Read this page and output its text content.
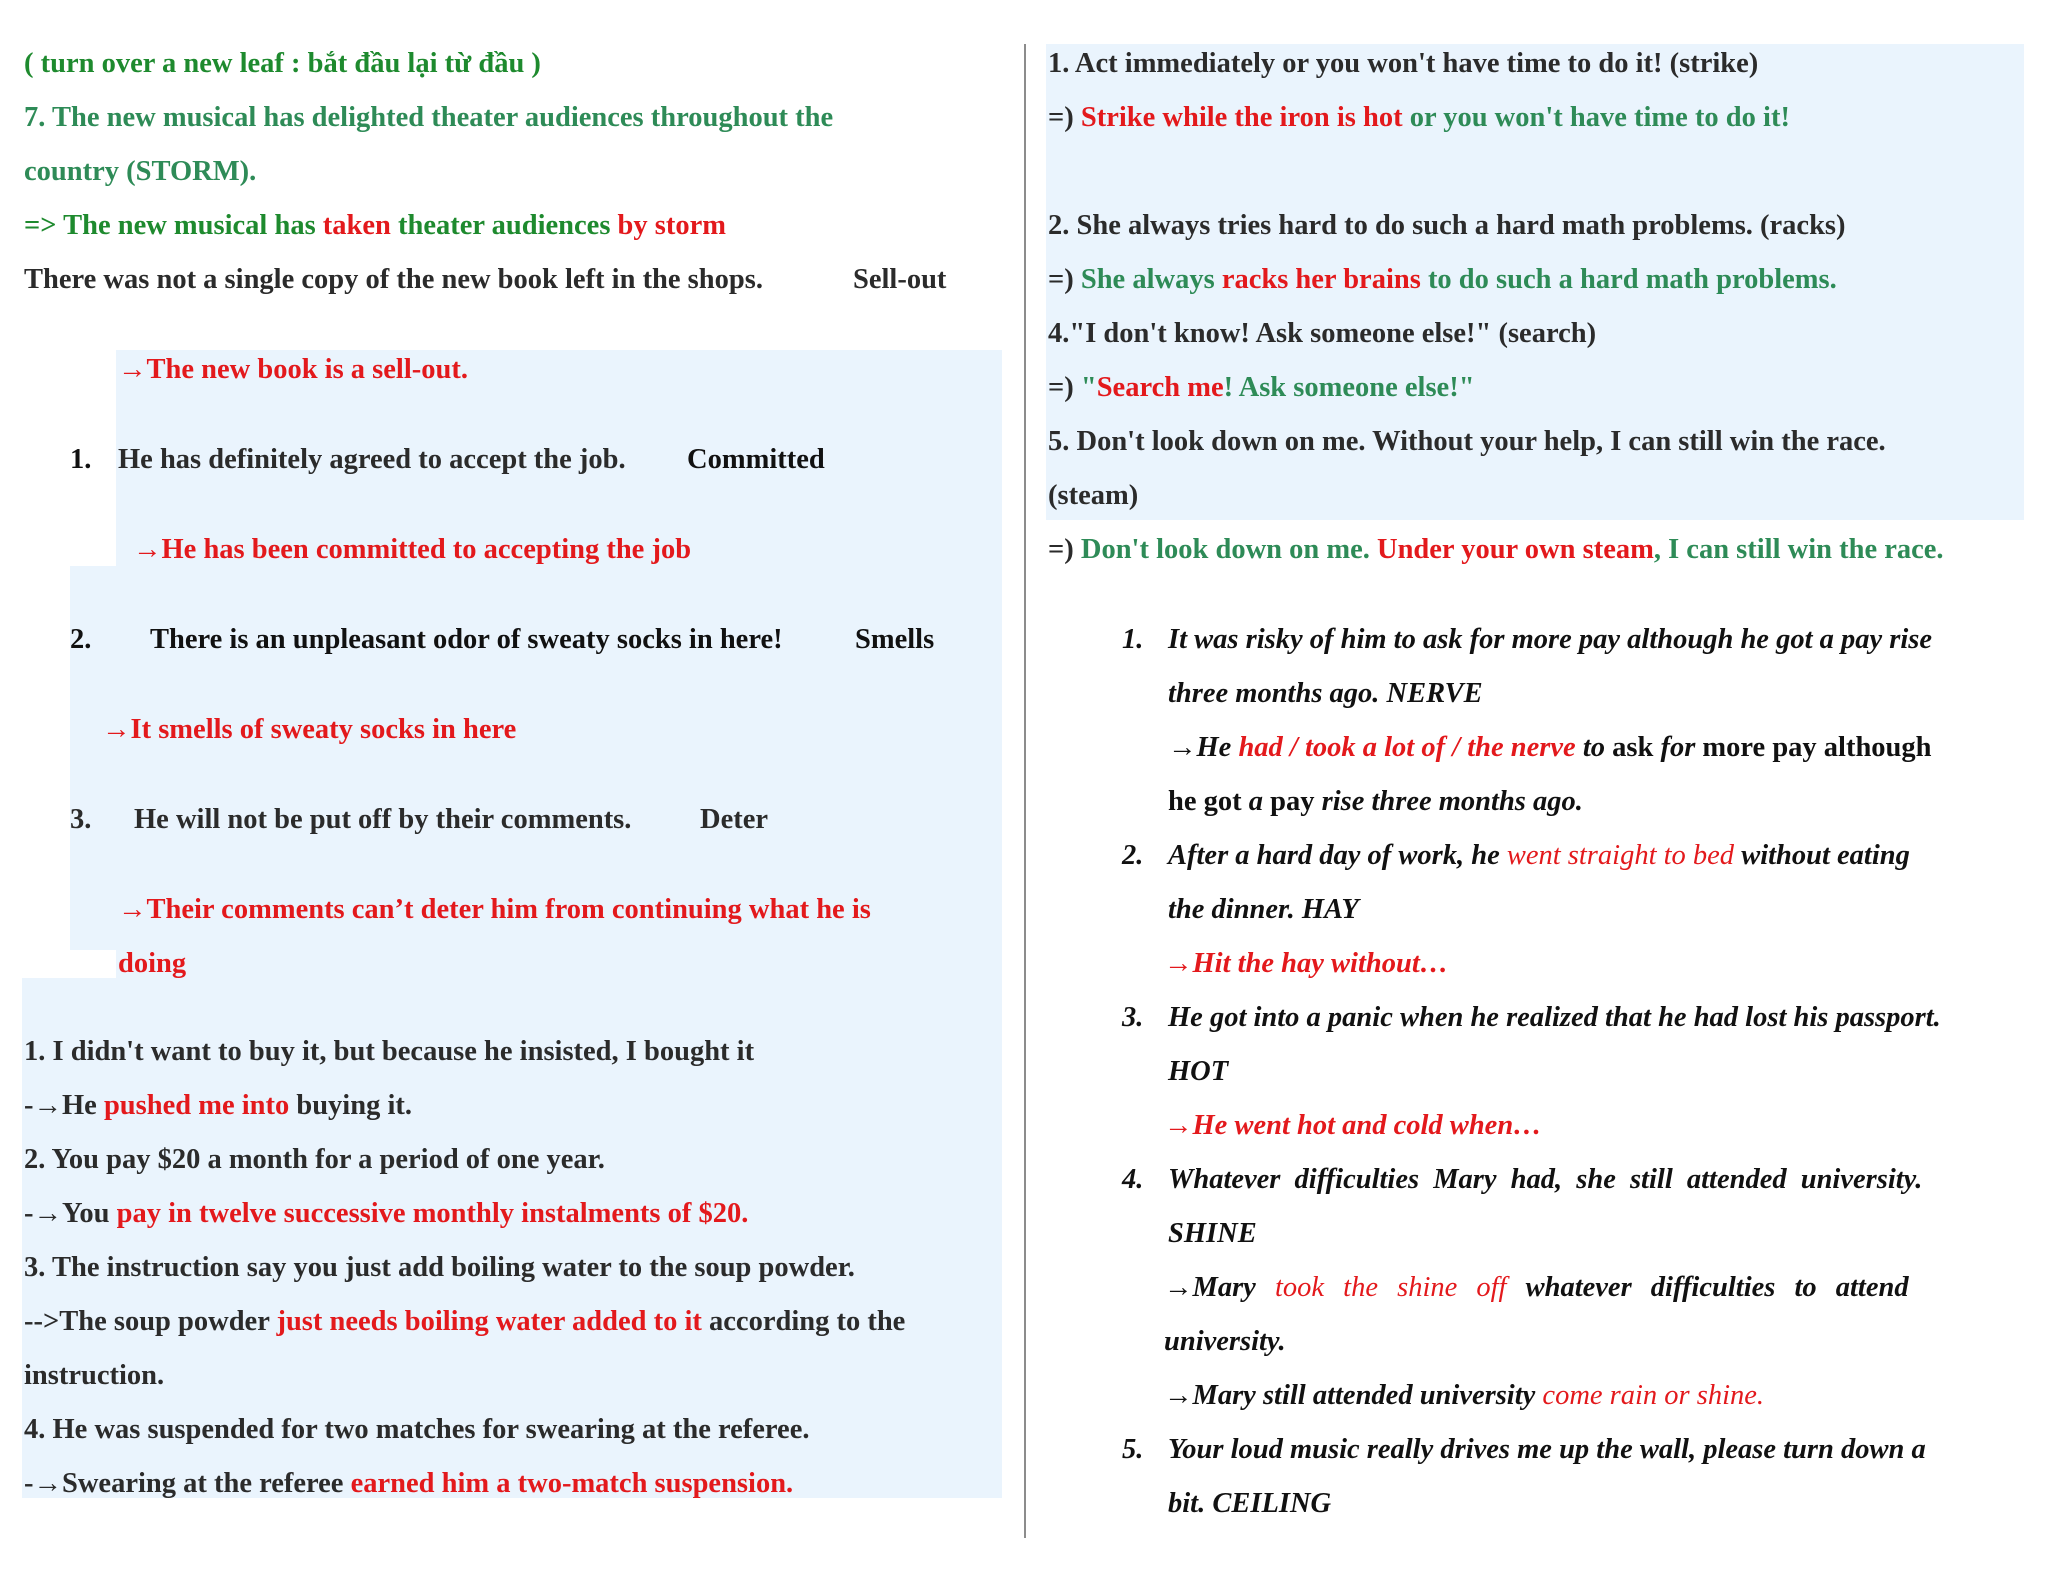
( turn over a new leaf : bắt đầu lại từ đầu )
7. The new musical has delighted theater audiences throughout the
country (STORM).
=> The new musical has taken theater audiences by storm
There was not a single copy of the new book left in the shops.	Sell-out
→The new book is a sell-out.
1. He has definitely agreed to accept the job. Committed
→He has been committed to accepting the job
2. There is an unpleasant odor of sweaty socks in here!	Smells
→It smells of sweaty socks in here
3. He will not be put off by their comments. Deter
→Their comments can’t deter him from continuing what he is
doing
1. I didn't want to buy it, but because he insisted, I bought it
-→He pushed me into buying it.
2. You pay $20 a month for a period of one year.
-→You pay in twelve successive monthly instalments of $20.
3. The instruction say you just add boiling water to the soup powder.
-->The soup powder just needs boiling water added to it according to the
instruction.
4. He was suspended for two matches for swearing at the referee.
-→Swearing at the referee earned him a two-match suspension.
1. Act immediately or you won't have time to do it! (strike)
=) Strike while the iron is hot or you won't have time to do it!
2. She always tries hard to do such a hard math problems. (racks)
=) She always racks her brains to do such a hard math problems.
4."I don't know! Ask someone else!" (search)
=) "Search me! Ask someone else!"
5. Don't look down on me. Without your help, I can still win the race.
(steam)
=) Don't look down on me. Under your own steam, I can still win the race.
1. It was risky of him to ask for more pay although he got a pay rise
three months ago. NERVE
→He had / took a lot of / the nerve to ask for more pay although
he got a pay rise three months ago.
2. After a hard day of work, he went straight to bed without eating
the dinner. HAY
→Hit the hay without…
3. He got into a panic when he realized that he had lost his passport.
HOT
→He went hot and cold when…
4. Whatever difficulties Mary had, she still attended university.
SHINE
→Mary took the shine off whatever difficulties to attend
university.
→Mary still attended university come rain or shine.
5. Your loud music really drives me up the wall, please turn down a
bit. CEILING
